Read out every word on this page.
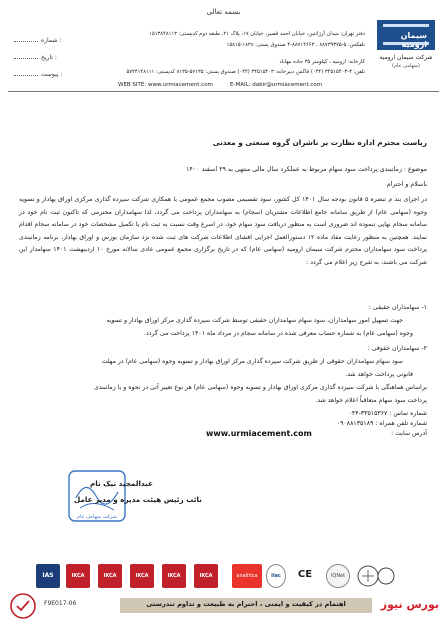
بسمه تعالی
سیمان ارومیه
شرکت سیمان ارومیه
(سهامی عام)
دفتر تهران: میدان آرژانتین، خیابان احمد قصیر، خیابان ۱۷، پلاک ۲۱، طبقه دوم کدپستی: ۱۵۱۳۸۴۸۱۱۳
تلفکس: ۵-۸۸۷۳۹۳۷۵ ، ۸۸۷۱۴۶۶۳-۴ صندوق پستی: ۱۸۳۸-۱۵۸۱۵
کارخانه: ارومیه ، کیلومتر ۳۵ جاده مهاباد
تلفن: ۳-۳۴۵۱۵۴۰۳ (۰۴۴) فاکس دبیرخانه: ۳۴۵۱۵۴۰۳ (۰۴۴) صندوق پستی: ۵۷۱۳۵-۸۱۳۵ کدپستی: ۵۷۲۴۱۴۸۱۱۱
WEB SITE: www.urmiacement.com	E-MAIL: dabir@urmiacement.com
: شماره
: تاریخ
: پیوست
ریاست محترم اداره نظارت بر ناشران گروه صنعتی و معدنی
موضوع : زمانبندی پرداخت سود سهام مربوط به عملکرد سال مالی منتهی به ۲۹ اسفند ۱۴۰۰
باسلام و احترام
در اجرای بند م تبصره ۵ قانون بودجه سال ۱۴۰۱ کل کشور، سود تقسیمی مصوب مجمع عمومی با همکاری شرکت سپرده گذاری مرکزی اوراق بهادار و تسویه وجوه (سهامی عام) از طریق سامانه جامع اطلاعات مشتریان (سجام) به سهامداران پرداخت می گردد، لذا سهامداران محترمی که تاکنون ثبت نام خود در سامانه سجام نهایی ننموده اند ضروری است به منظور دریافت سود سهام خود، در اسرع وقت نسبت به ثبت نام یا تکمیل مشخصات خود در سامانه سجام اقدام نمایند. همچنین به منظور رعایت مفاد ماده ۱۲ دستورالعمل اجرایی افشای اطلاعات شرکت های ثبت شده نزد سازمان بورس و اوراق بهادار، برنامه زمانبندی پرداخت سود سهامداران محترم شرکت سیمان ارومیه (سهامی عام) که در تاریخ برگزاری مجمع عمومی عادی سالانه مورخ ۱۰ اردیبهشت ۱۴۰۱ سهامدار این شرکت می باشند، به شرح زیر اعلام می گردد :
۱- سهامداران حقیقی :
جهت تسهیل امور سهامداران، سود سهام سهامداران حقیقی توسط شرکت سپرده گذاری مرکز اوراق بهادار و تسویه
وجوه (سهامی عام) به شماره حساب معرفی شده در سامانه سجام در مرداد ماه ۱۴۰۱ پرداخت می گردد.
۲- سهامداران حقوقی :
سود سهام سهامداران حقوقی از طریق شرکت سپرده گذاری مرکز اوراق بهادار و تسویه وجوه (سهامی عام) در مهلت
قانونی پرداخت خواهد شد.
براساس هماهنگی با شرکت سپرده گذاری مرکزی اوراق بهادار و تسویه وجوه (سهامی عام) هر نوع تغییر آتی در نحوه و یا زمانبندی
پرداخت سود سهام متعاقباً اعلام خواهد شد.
شماره تماس : ۳۳۵۱۵۳۶۷-۰۴۴
شماره تلفن همراه : ۰۹۰۸۸۱۳۵۱۸۹
آدرس سایت :
www.urmiacement.com
شرکت سهامی عام
عبدالمجید نیک نام
نائب رئیس هیئت مدیره و مدیر عامل
IAS	IKCA	IKCA	IKCA	IKCA	IKCA	analitica	ilac	CE	IQNet
اهتمام در کیفیت و ایمنی ، احترام به طبیعت و تداوم تندرستی
F9E017-06	بورس نیوز
